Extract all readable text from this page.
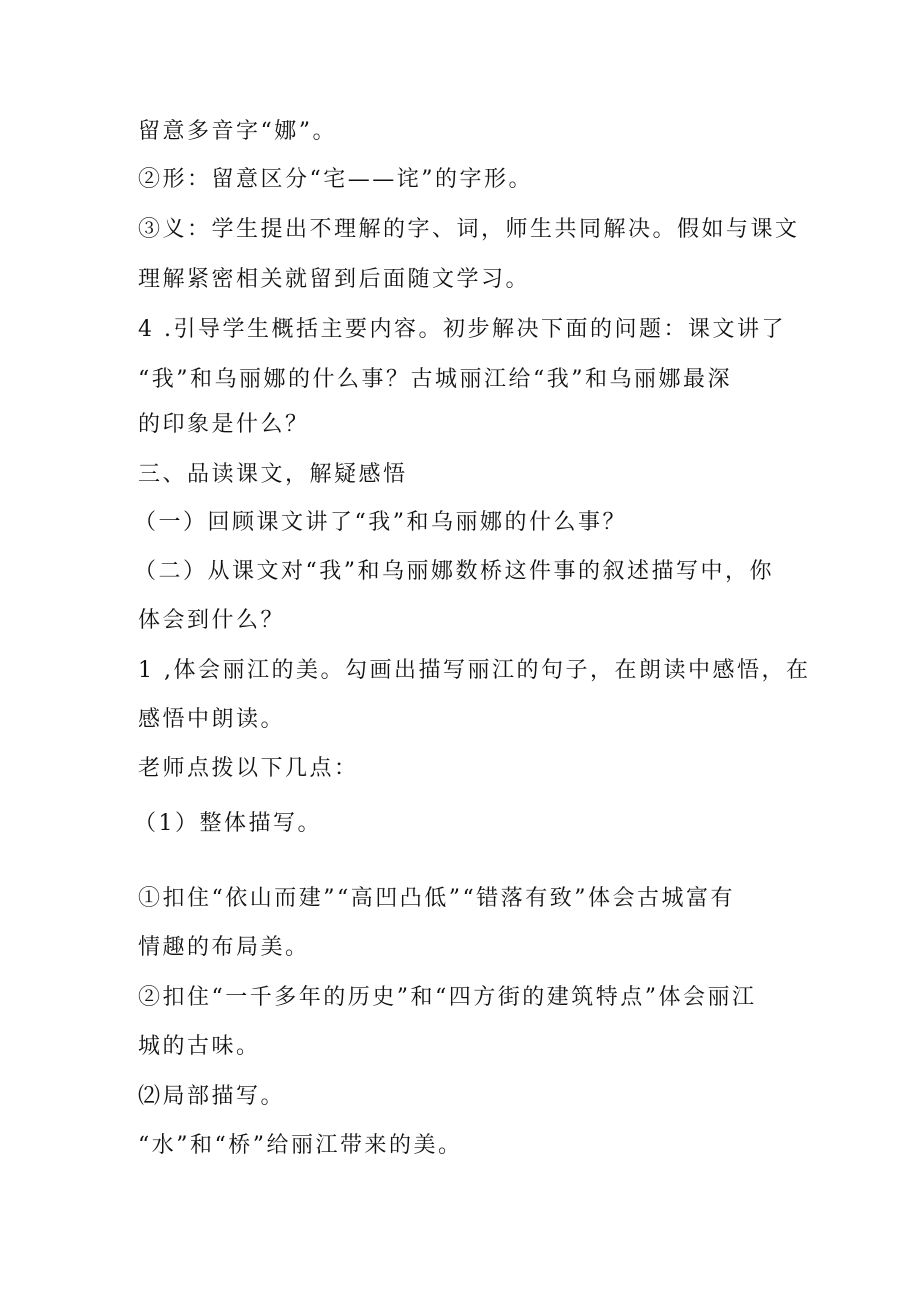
留意多音字“娜”。
②形：留意区分“宅——诧”的字形。
③义：学生提出不理解的字、词，师生共同解决。假如与课文
理解紧密相关就留到后面随文学习。
4 .引导学生概括主要内容。初步解决下面的问题：课文讲了
“我”和乌丽娜的什么事？古城丽江给“我”和乌丽娜最深
的印象是什么？
三、品读课文，解疑感悟
（一）回顾课文讲了“我”和乌丽娜的什么事？
（二）从课文对“我”和乌丽娜数桥这件事的叙述描写中，你
体会到什么？
1 ,体会丽江的美。勾画出描写丽江的句子，在朗读中感悟，在
感悟中朗读。
老师点拨以下几点：
（1）整体描写。
①扣住“依山而建”“高凹凸低”“错落有致”体会古城富有
情趣的布局美。
②扣住“一千多年的历史”和“四方街的建筑特点”体会丽江
城的古味。
⑵局部描写。
“水”和“桥”给丽江带来的美。
